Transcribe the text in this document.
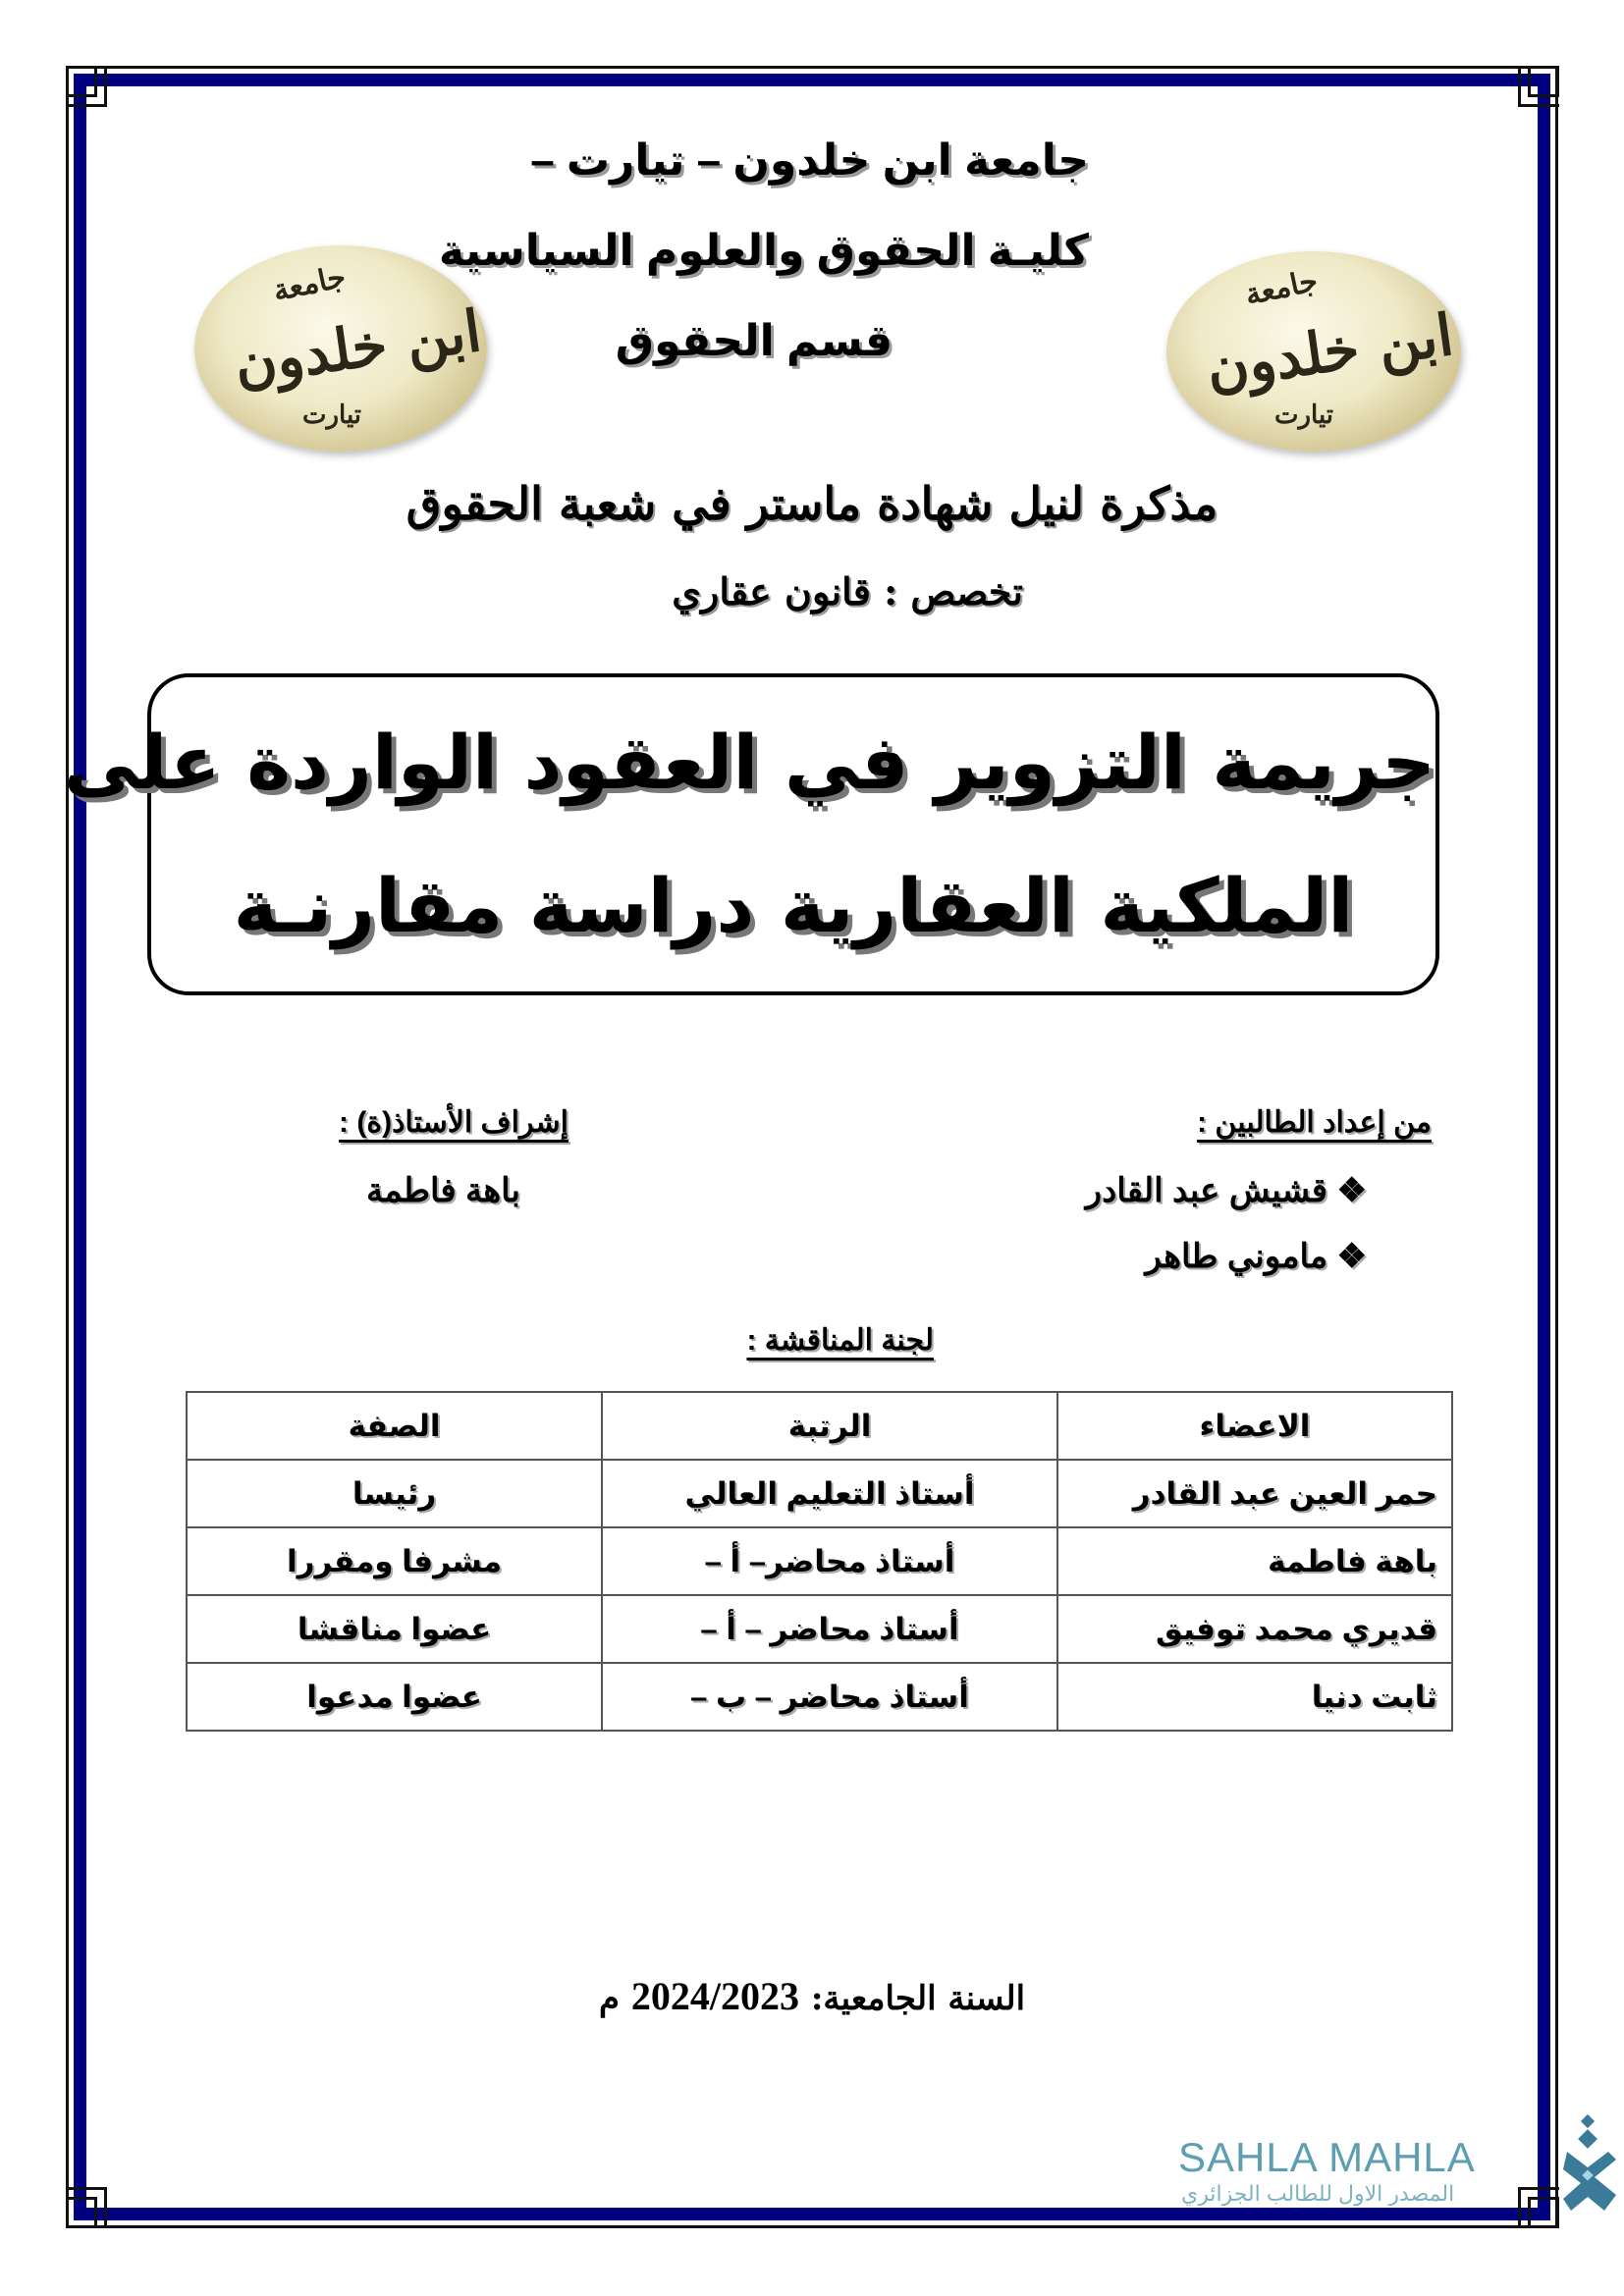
جامعة ابن خلدون – تيارت –
كليـة الحقوق والعلوم السياسية
قسم الحقوق
جامعة
ابن خلدون
تيارت
جامعة
ابن خلدون
تيارت
مذكرة لنيل شهادة ماستر في شعبة الحقوق
تخصص : قانون عقاري
جريمة التزوير في العقود الواردة على
الملكية العقارية دراسة مقارنـة
من إعداد الطالبين :
❖ قشيش عبد القادر
❖ ماموني طاهر
إشراف الأستاذ(ة) :
باهة فاطمة
لجنة المناقشة :
الاعضاء	الرتبة	الصفة
حمر العين عبد القادر	أستاذ التعليم العالي	رئيسا
باهة فاطمة	أستاذ محاضر– أ –	مشرفا ومقررا
قديري محمد توفيق	أستاذ محاضر – أ –	عضوا مناقشا
ثابت دنيا	أستاذ محاضر – ب –	عضوا مدعوا
السنة الجامعية: 2024/2023 م
SAHLA MAHLA
المصدر الاول للطالب الجزائري
